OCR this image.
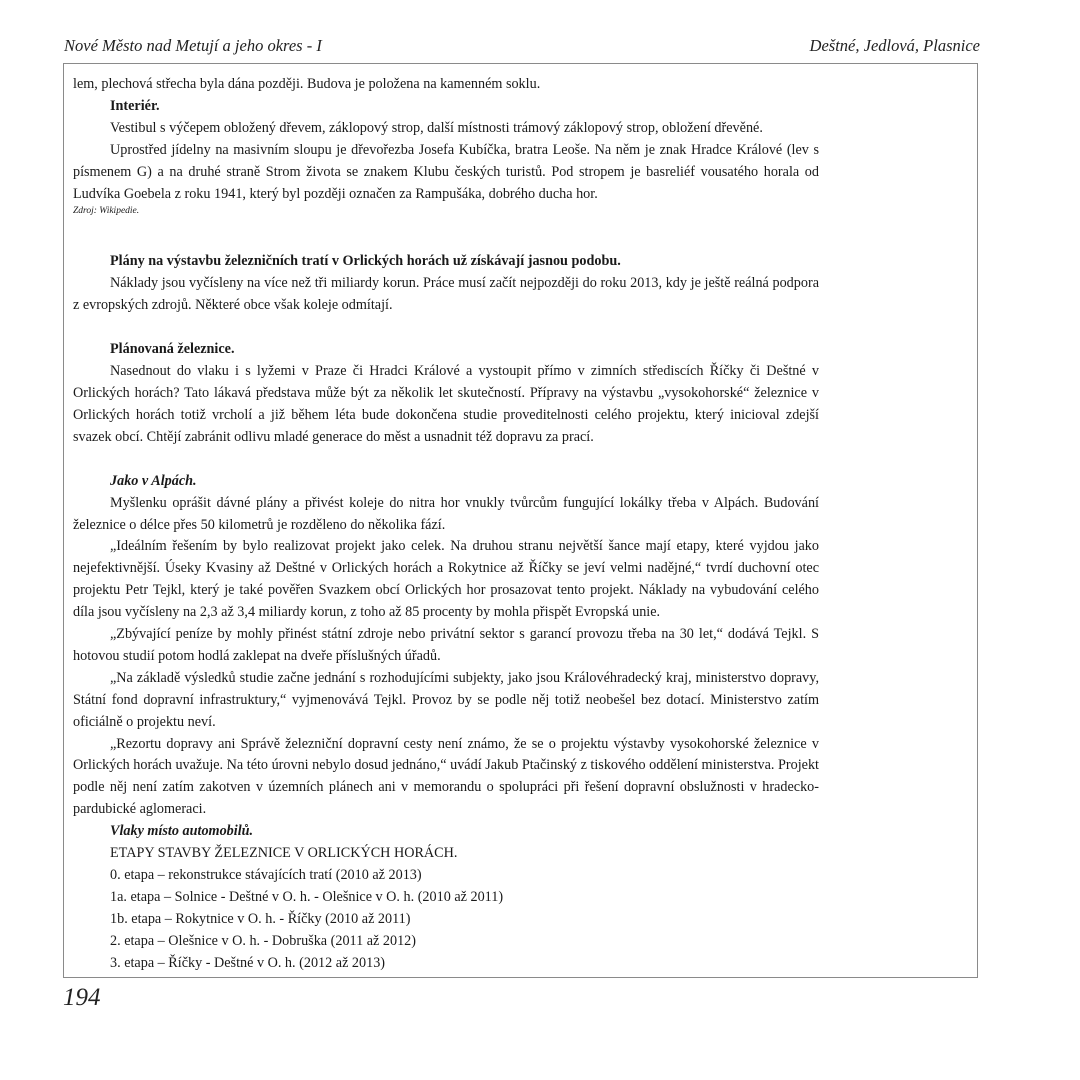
Nové Město nad Metují a jeho okres - I	Deštné, Jedlová, Plasnice

lem, plechová střecha byla dána později. Budova je položena na kamenném soklu.

Interiér.

Vestibul s výčepem obložený dřevem, záklopový strop, další místnosti trámový záklopový strop, obložení dřevěné.

Uprostřed jídelny na masivním sloupu je dřevořezba Josefa Kubíčka, bratra Leoše. Na něm je znak Hradce Králové (lev s písmenem G) a na druhé straně Strom života se znakem Klubu českých turistů. Pod stropem je basreliéf vousatého horala od Ludvíka Goebela z roku 1941, který byl později označen za Rampušáka, dobrého ducha hor.

Zdroj: Wikipedie.

Plány na výstavbu železničních tratí v Orlických horách už získávají jasnou podobu.

Náklady jsou vyčísleny na více než tři miliardy korun. Práce musí začít nejpozději do roku 2013, kdy je ještě reálná podpora z evropských zdrojů. Některé obce však koleje odmítají.

Plánovaná železnice.

Nasednout do vlaku i s lyžemi v Praze či Hradci Králové a vystoupit přímo v zimních střediscích Říčky či Deštné v Orlických horách? Tato lákavá představa může být za několik let skutečností. Přípravy na výstavbu „vysokohorské“ železnice v Orlických horách totiž vrcholí a již během léta bude dokončena studie proveditelnosti celého projektu, který inicioval zdejší svazek obcí. Chtějí zabránit odlivu mladé generace do měst a usnadnit též dopravu za prací.

Jako v Alpách.

Myšlenku oprášit dávné plány a přivést koleje do nitra hor vnukly tvůrcům fungující lokálky třeba v Alpách. Budování železnice o délce přes 50 kilometrů je rozděleno do několika fází.

„Ideálním řešením by bylo realizovat projekt jako celek. Na druhou stranu největší šance mají etapy, které vyjdou jako nejefektivnější. Úseky Kvasiny až Deštné v Orlických horách a Rokytnice až Říčky se jeví velmi nadějné,“ tvrdí duchovní otec projektu Petr Tejkl, který je také pověřen Svazkem obcí Orlických hor prosazovat tento projekt. Náklady na vybudování celého díla jsou vyčísleny na 2,3 až 3,4 miliardy korun, z toho až 85 procenty by mohla přispět Evropská unie.

„Zbývající peníze by mohly přinést státní zdroje nebo privátní sektor s garancí provozu třeba na 30 let,“ dodává Tejkl. S hotovou studií potom hodlá zaklepat na dveře příslušných úřadů.

„Na základě výsledků studie začne jednání s rozhodujícími subjekty, jako jsou Královéhradecký kraj, ministerstvo dopravy, Státní fond dopravní infrastruktury,“ vyjmenovává Tejkl. Provoz by se podle něj totiž neobešel bez dotací. Ministerstvo zatím oficiálně o projektu neví.

„Rezortu dopravy ani Správě železniční dopravní cesty není známo, že se o projektu výstavby vysokohorské železnice v Orlických horách uvažuje. Na této úrovni nebylo dosud jednáno,“ uvádí Jakub Ptačinský z tiskového oddělení ministerstva. Projekt podle něj není zatím zakotven v územních plánech ani v memorandu o spolupráci při řešení dopravní obslužnosti v hradecko-pardubické aglomeraci.

Vlaky místo automobilů.

ETAPY STAVBY ŽELEZNICE V ORLICKÝCH HORÁCH.

0. etapa – rekonstrukce stávajících tratí (2010 až 2013)

1a. etapa – Solnice - Deštné v O. h. - Olešnice v O. h. (2010 až 2011)

1b. etapa – Rokytnice v O. h. - Říčky (2010 až 2011)

2. etapa – Olešnice v O. h. - Dobruška (2011 až 2012)

3. etapa – Říčky - Deštné v O. h. (2012 až 2013)

194
